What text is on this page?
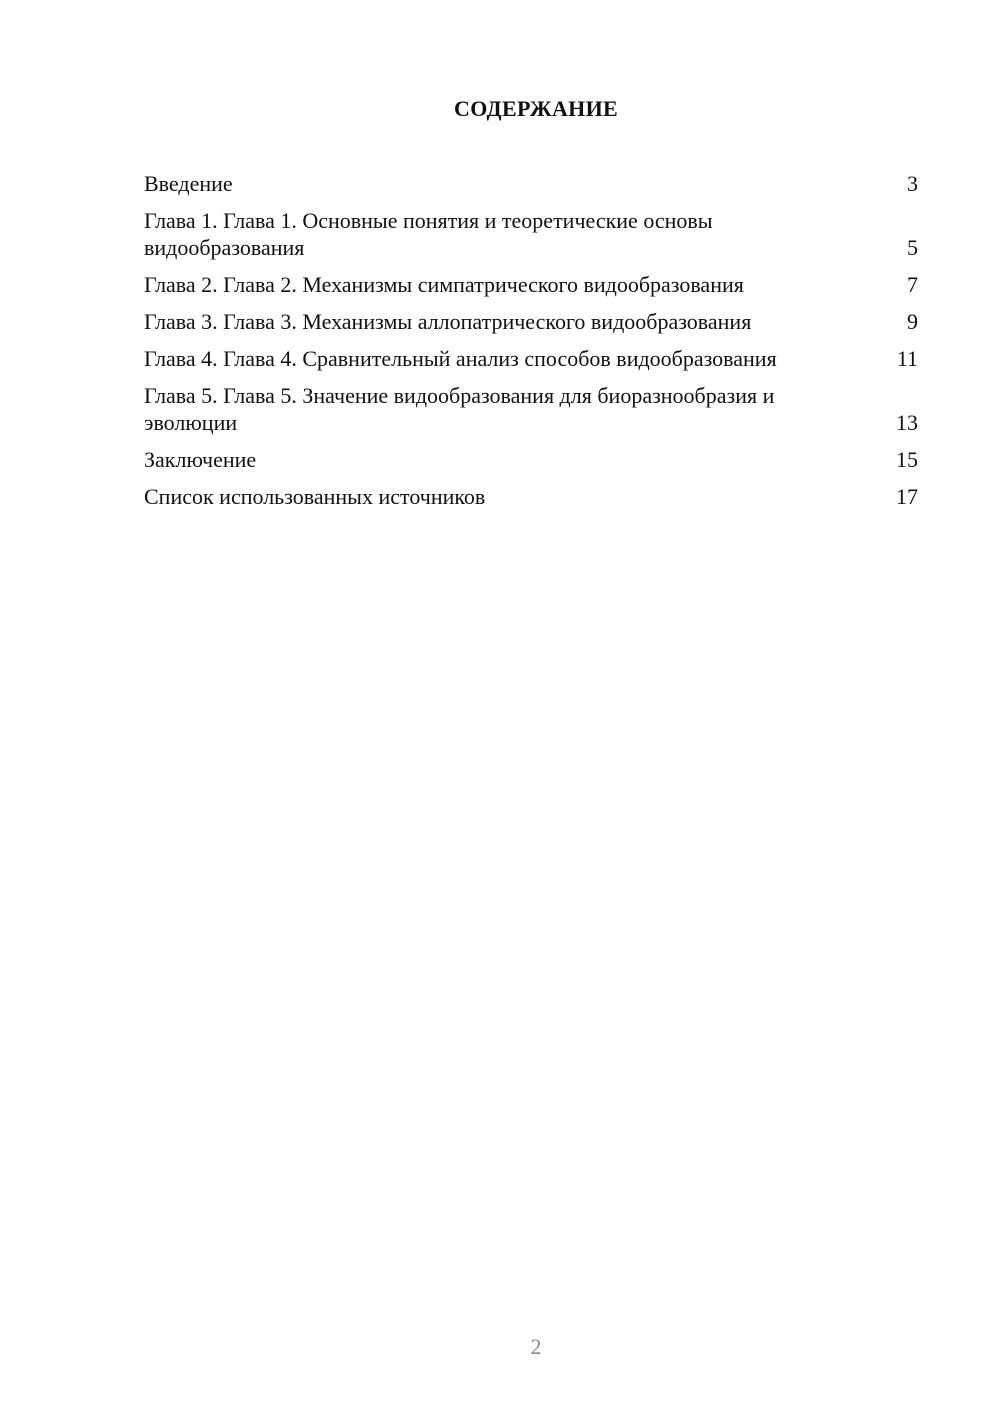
СОДЕРЖАНИЕ
Введение	3
Глава 1. Глава 1. Основные понятия и теоретические основы видообразования	5
Глава 2. Глава 2. Механизмы симпатрического видообразования	7
Глава 3. Глава 3. Механизмы аллопатрического видообразования	9
Глава 4. Глава 4. Сравнительный анализ способов видообразования	11
Глава 5. Глава 5. Значение видообразования для биоразнообразия и эволюции	13
Заключение	15
Список использованных источников	17
2
